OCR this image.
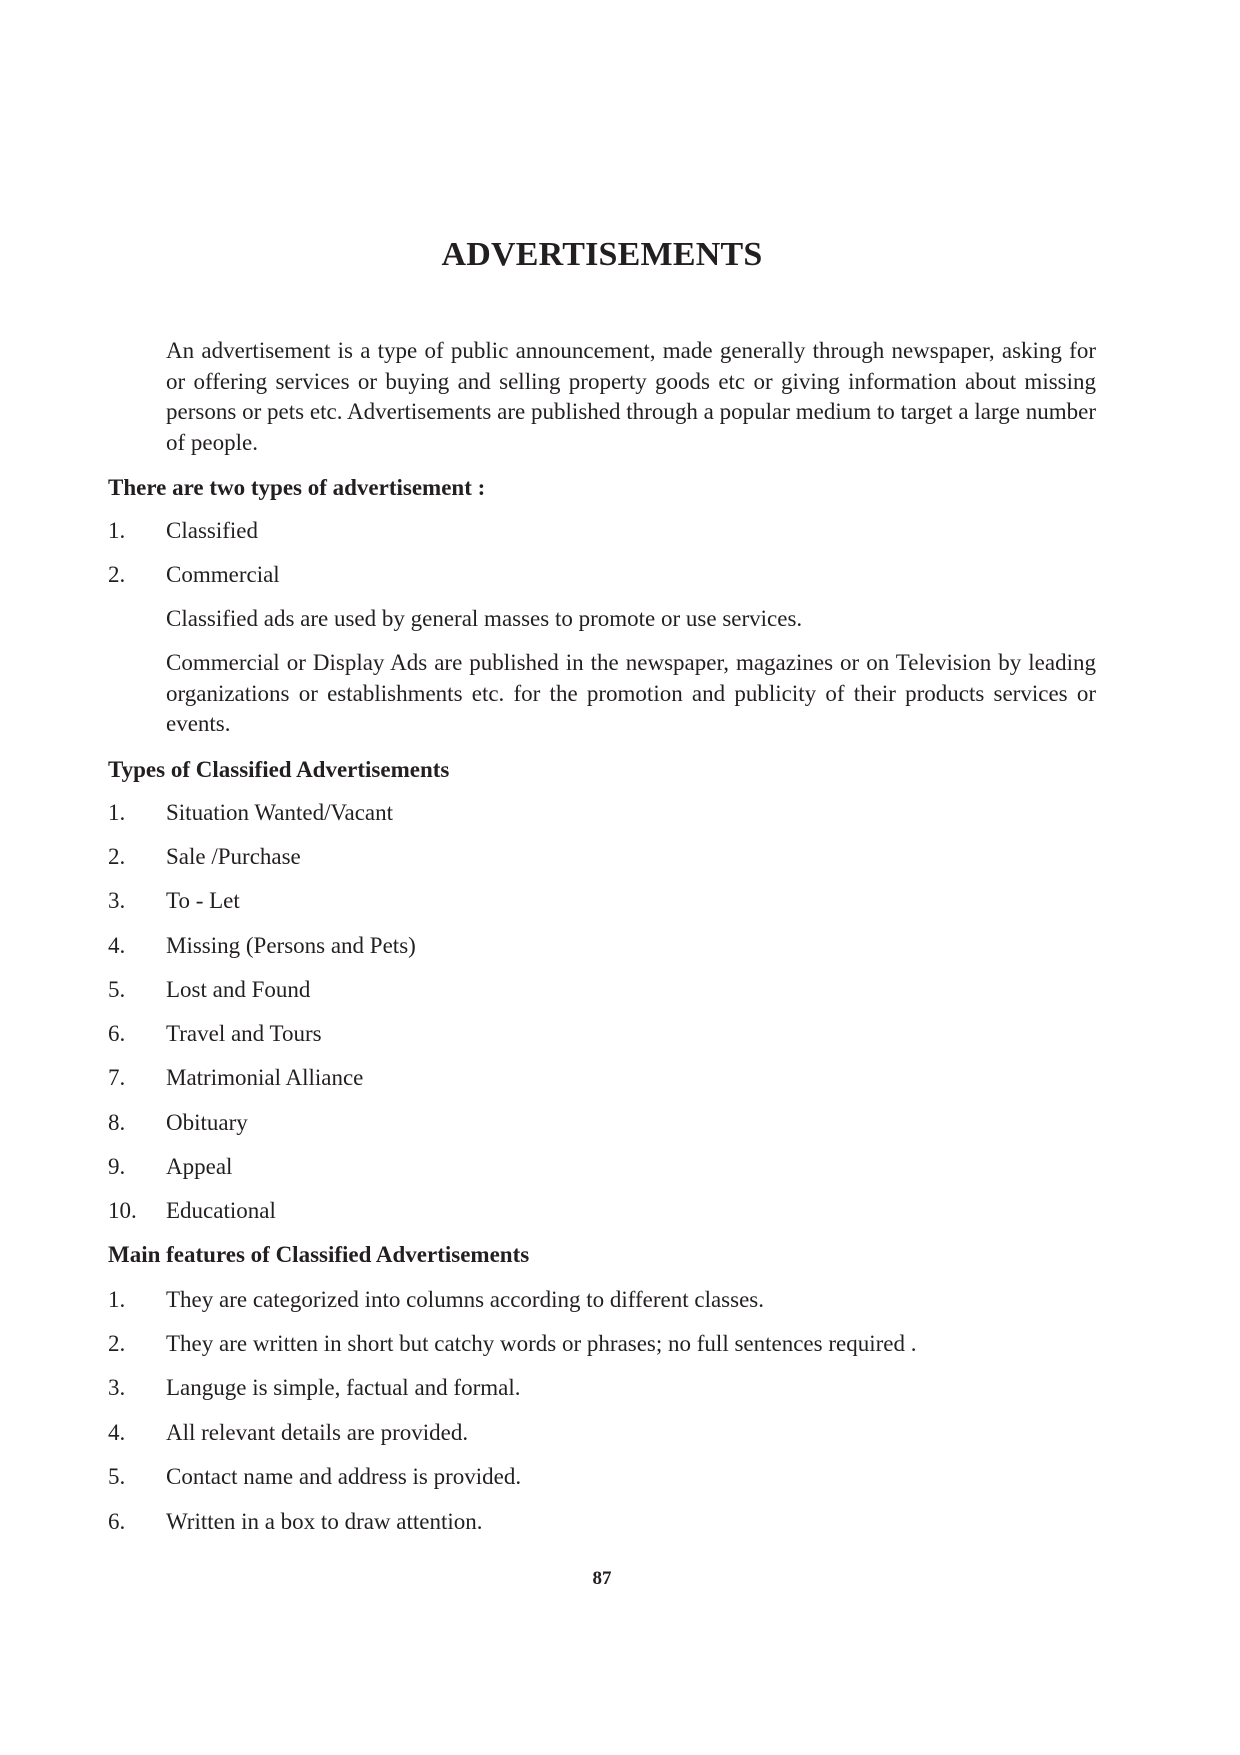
ADVERTISEMENTS

An advertisement is a type of public announcement, made generally through newspaper, asking for or offering services or buying and selling property goods etc or giving information about missing persons or pets etc. Advertisements are published through a popular medium to target a large number of people.

There are two types of advertisement :

1. Classified

2. Commercial

Classified ads are used by general masses to promote or use services.

Commercial or Display Ads are published in the newspaper, magazines or on Television by leading organizations or establishments etc. for the promotion and publicity of their products services or events.

Types of Classified Advertisements

1. Situation Wanted/Vacant

2. Sale /Purchase

3. To - Let

4. Missing (Persons and Pets)

5. Lost and Found

6. Travel and Tours

7. Matrimonial Alliance

8. Obituary

9. Appeal

10. Educational

Main features of Classified Advertisements

1. They are categorized into columns according to different classes.

2. They are written in short but catchy words or phrases; no full sentences required .

3. Languge is simple, factual and formal.

4. All relevant details are provided.

5. Contact name and address is provided.

6. Written in a box to draw attention.

87
